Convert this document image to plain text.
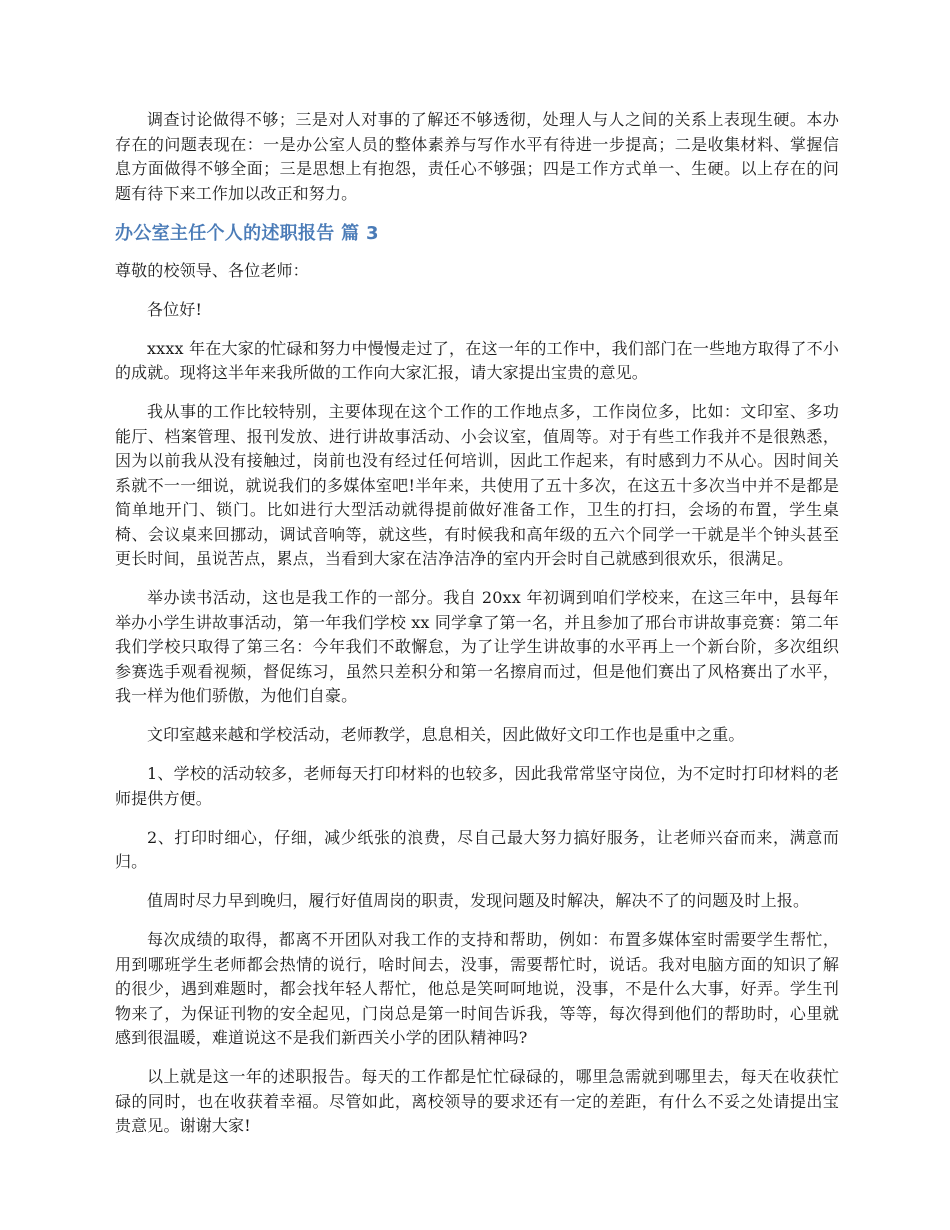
调查讨论做得不够；三是对人对事的了解还不够透彻，处理人与人之间的关系上表现生硬。本办存在的问题表现在：一是办公室人员的整体素养与写作水平有待进一步提高；二是收集材料、掌握信息方面做得不够全面；三是思想上有抱怨，责任心不够强；四是工作方式单一、生硬。以上存在的问题有待下来工作加以改正和努力。

办公室主任个人的述职报告 篇 3

尊敬的校领导、各位老师：

各位好!

xxxx 年在大家的忙碌和努力中慢慢走过了，在这一年的工作中，我们部门在一些地方取得了不小的成就。现将这半年来我所做的工作向大家汇报，请大家提出宝贵的意见。

我从事的工作比较特别，主要体现在这个工作的工作地点多，工作岗位多，比如：文印室、多功能厅、档案管理、报刊发放、进行讲故事活动、小会议室，值周等。对于有些工作我并不是很熟悉，因为以前我从没有接触过，岗前也没有经过任何培训，因此工作起来，有时感到力不从心。因时间关系就不一一细说，就说我们的多媒体室吧!半年来，共使用了五十多次，在这五十多次当中并不是都是简单地开门、锁门。比如进行大型活动就得提前做好准备工作，卫生的打扫，会场的布置，学生桌椅、会议桌来回挪动，调试音响等，就这些，有时候我和高年级的五六个同学一干就是半个钟头甚至更长时间，虽说苦点，累点，当看到大家在洁净洁净的室内开会时自己就感到很欢乐，很满足。

举办读书活动，这也是我工作的一部分。我自 20xx 年初调到咱们学校来，在这三年中，县每年举办小学生讲故事活动，第一年我们学校 xx 同学拿了第一名，并且参加了邢台市讲故事竞赛：第二年我们学校只取得了第三名：今年我们不敢懈怠，为了让学生讲故事的水平再上一个新台阶，多次组织参赛选手观看视频，督促练习，虽然只差积分和第一名擦肩而过，但是他们赛出了风格赛出了水平，我一样为他们骄傲，为他们自豪。

文印室越来越和学校活动，老师教学，息息相关，因此做好文印工作也是重中之重。

1、学校的活动较多，老师每天打印材料的也较多，因此我常常坚守岗位，为不定时打印材料的老师提供方便。

2、打印时细心，仔细，减少纸张的浪费，尽自己最大努力搞好服务，让老师兴奋而来，满意而归。

值周时尽力早到晚归，履行好值周岗的职责，发现问题及时解决，解决不了的问题及时上报。

每次成绩的取得，都离不开团队对我工作的支持和帮助，例如：布置多媒体室时需要学生帮忙，用到哪班学生老师都会热情的说行，啥时间去，没事，需要帮忙时，说话。我对电脑方面的知识了解的很少，遇到难题时，都会找年轻人帮忙，他总是笑呵呵地说，没事，不是什么大事，好弄。学生刊物来了，为保证刊物的安全起见，门岗总是第一时间告诉我，等等，每次得到他们的帮助时，心里就感到很温暖，难道说这不是我们新西关小学的团队精神吗?

以上就是这一年的述职报告。每天的工作都是忙忙碌碌的，哪里急需就到哪里去，每天在收获忙碌的同时，也在收获着幸福。尽管如此，离校领导的要求还有一定的差距，有什么不妥之处请提出宝贵意见。谢谢大家!
